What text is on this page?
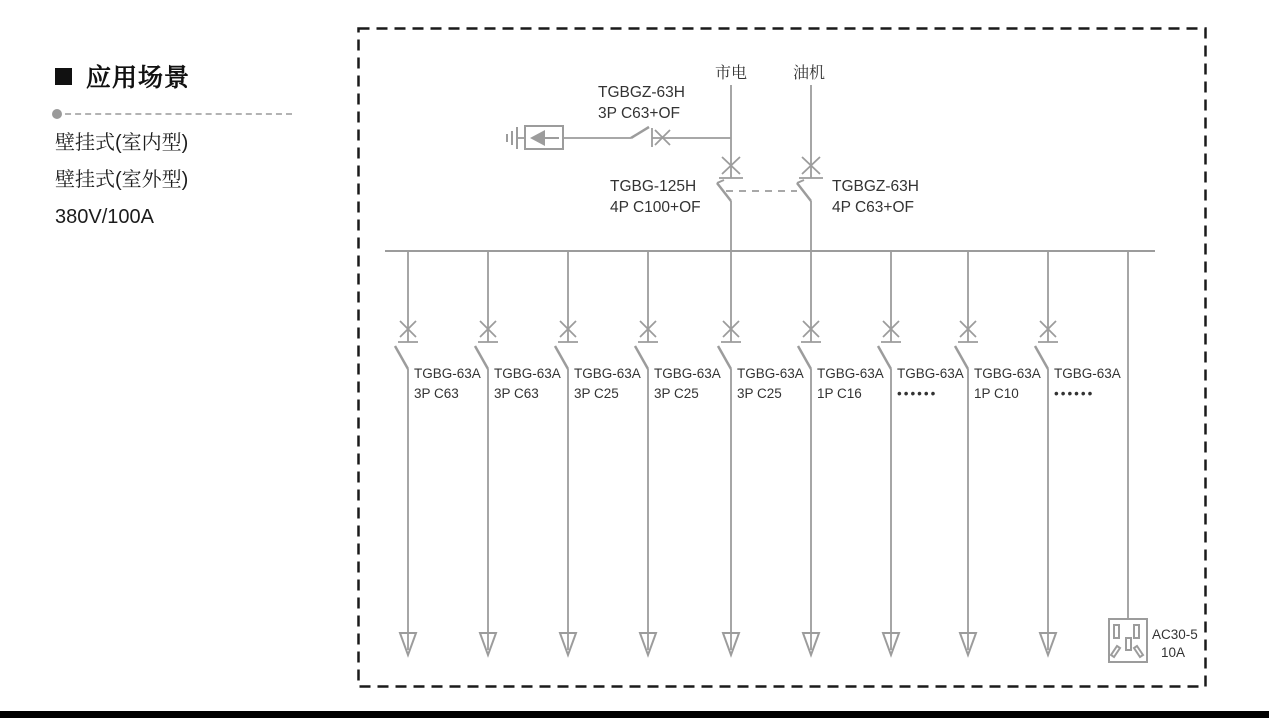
应用场景
壁挂式(室内型)
壁挂式(室外型)
380V/100A
市电
TGBG-125H
4P C100+OF
油机
TGBGZ-63H
4P C63+OF
TGBGZ-63H
3P C63+OF
TGBG-63A
3P C63
TGBG-63A
3P C63
TGBG-63A
3P C25
TGBG-63A
3P C25
TGBG-63A
3P C25
TGBG-63A
1P C16
TGBG-63A
••••••
TGBG-63A
1P C10
TGBG-63A
••••••
AC30-5
10A
